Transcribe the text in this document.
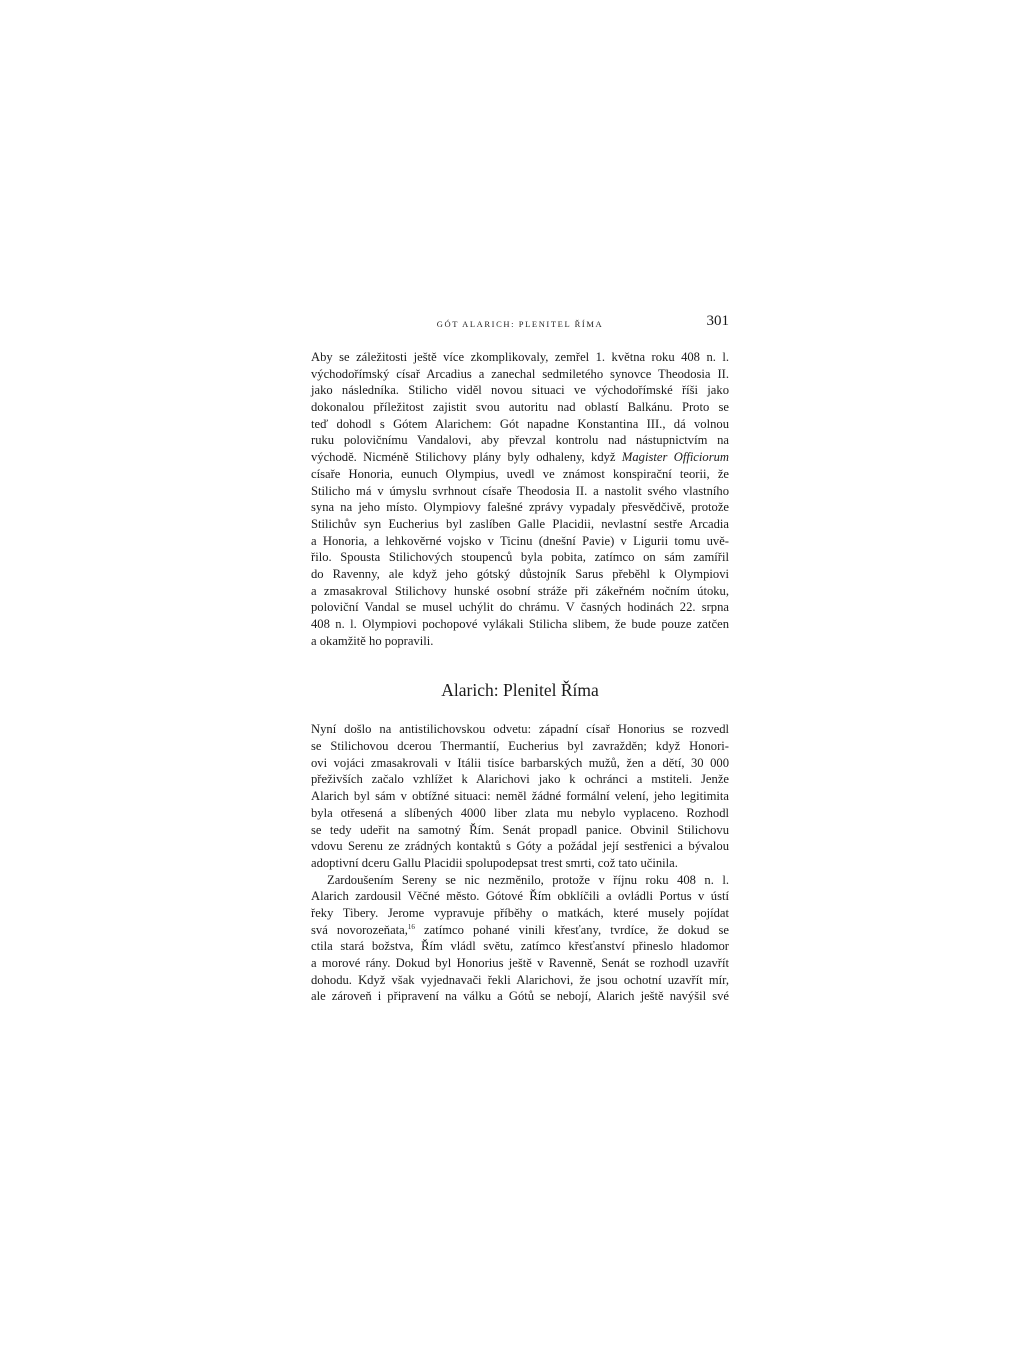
GÓT ALARICH: PLENITEL ŘÍMA	301
Aby se záležitosti ještě více zkomplikovaly, zemřel 1. května roku 408 n. l.
východořímský císař Arcadius a zanechal sedmiletého synovce Theodosia II.
jako následníka. Stilicho viděl novou situaci ve východořímské říši jako
dokonalou příležitost zajistit svou autoritu nad oblastí Balkánu. Proto se
teď dohodl s Gótem Alarichem: Gót napadne Konstantina III., dá volnou
ruku polovičnímu Vandalovi, aby převzal kontrolu nad nástupnictvím na
východě. Nicméně Stilichovy plány byly odhaleny, když Magister Officiorum
císaře Honoria, eunuch Olympius, uvedl ve známost konspirační teorii, že
Stilicho má v úmyslu svrhnout císaře Theodosia II. a nastolit svého vlastního
syna na jeho místo. Olympiovy falešné zprávy vypadaly přesvědčivě, protože
Stilichův syn Eucherius byl zaslíben Galle Placidii, nevlastní sestře Arcadia
a Honoria, a lehkověrné vojsko v Ticinu (dnešní Pavie) v Ligurii tomu uvě-
řilo. Spousta Stilichových stoupenců byla pobita, zatímco on sám zamířil
do Ravenny, ale když jeho gótský důstojník Sarus přeběhl k Olympiovi
a zmasakroval Stilichovy hunské osobní stráže při zákeřném nočním útoku,
poloviční Vandal se musel uchýlit do chrámu. V časných hodinách 22. srpna
408 n. l. Olympiovi pochopové vylákali Stilicha slibem, že bude pouze zatčen
a okamžitě ho popravili.
Alarich: Plenitel Říma
Nyní došlo na antistilichovskou odvetu: západní císař Honorius se rozvedl
se Stilichovou dcerou Thermantií, Eucherius byl zavražděn; když Honori-
ovi vojáci zmasakrovali v Itálii tisíce barbarských mužů, žen a dětí, 30 000
přeživších začalo vzhlížet k Alarichovi jako k ochránci a mstiteli. Jenže
Alarich byl sám v obtížné situaci: neměl žádné formální velení, jeho legitimita
byla otřesená a slíbených 4000 liber zlata mu nebylo vyplaceno. Rozhodl
se tedy udeřit na samotný Řím. Senát propadl panice. Obvinil Stilichovu
vdovu Serenu ze zrádných kontaktů s Góty a požádal její sestřenici a bývalou
adoptivní dceru Gallu Placidii spolupodepsat trest smrti, což tato učinila.
Zardoušením Sereny se nic nezměnilo, protože v říjnu roku 408 n. l.
Alarich zardousil Věčné město. Gótové Řím obklíčili a ovládli Portus v ústí
řeky Tibery. Jerome vypravuje příběhy o matkách, které musely pojídat
svá novorozeňata,$^{16}$ zatímco pohané vinili křesťany, tvrdíce, že dokud se
ctila stará božstva, Řím vládl světu, zatímco křesťanství přineslo hladomor
a morové rány. Dokud byl Honorius ještě v Ravenně, Senát se rozhodl uzavřít
dohodu. Když však vyjednavači řekli Alarichovi, že jsou ochotní uzavřít mír,
ale zároveň i připravení na válku a Gótů se nebojí, Alarich ještě navýšil své
